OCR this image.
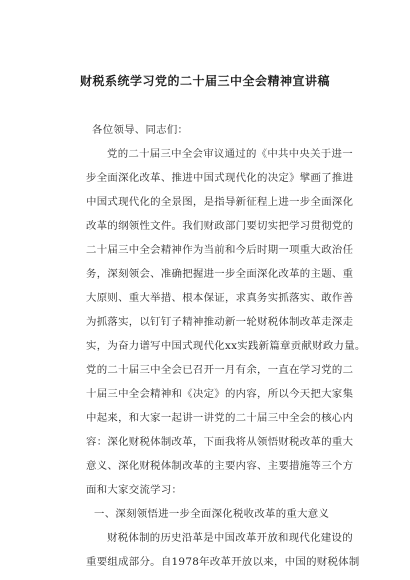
财税系统学习党的二十届三中全会精神宣讲稿
各位领导、同志们：
党的二十届三中全会审议通过的《中共中央关于进一
步全面深化改革、推进中国式现代化的决定》擘画了推进
中国式现代化的全景图，是指导新征程上进一步全面深化
改革的纲领性文件。我们财政部门要切实把学习贯彻党的
二十届三中全会精神作为当前和今后时期一项重大政治任
务，深刻领会、准确把握进一步全面深化改革的主题、重
大原则、重大举措、根本保证，求真务实抓落实、敢作善
为抓落实，以钉钉子精神推动新一轮财税体制改革走深走
实，为奋力谱写中国式现代化xx实践新篇章贡献财政力量。
党的二十届三中全会已召开一月有余，一直在学习党的二
十届三中全会精神和《决定》的内容，所以今天把大家集
中起来，和大家一起讲一讲党的二十届三中全会的核心内
容：深化财税体制改革，下面我将从领悟财税改革的重大
意义、深化财税体制改革的主要内容、主要措施等三个方
面和大家交流学习：
一、深刻领悟进一步全面深化税收改革的重大意义
财税体制的历史沿革是中国改革开放和现代化建设的
重要组成部分。自1978年改革开放以来，中国的财税体制
